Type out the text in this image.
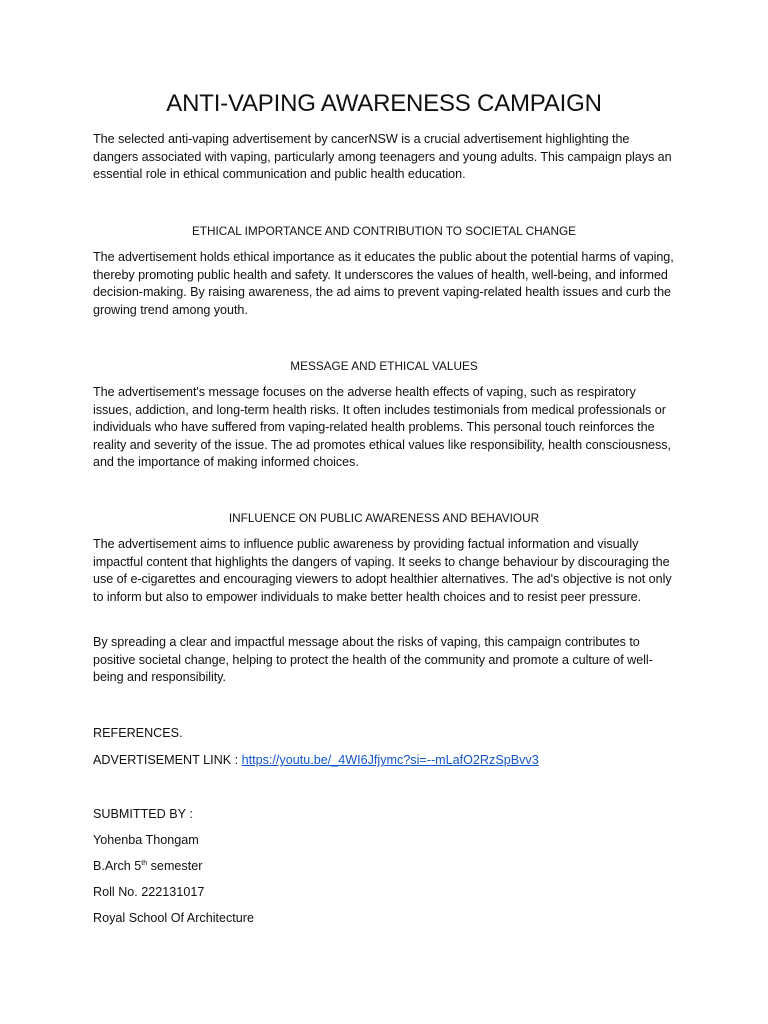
ANTI-VAPING AWARENESS CAMPAIGN

The selected anti-vaping advertisement by cancerNSW is a crucial advertisement highlighting the dangers associated with vaping, particularly among teenagers and young adults. This campaign plays an essential role in ethical communication and public health education.

ETHICAL IMPORTANCE AND CONTRIBUTION TO SOCIETAL CHANGE

The advertisement holds ethical importance as it educates the public about the potential harms of vaping, thereby promoting public health and safety. It underscores the values of health, well-being, and informed decision-making. By raising awareness, the ad aims to prevent vaping-related health issues and curb the growing trend among youth.

MESSAGE AND ETHICAL VALUES

The advertisement's message focuses on the adverse health effects of vaping, such as respiratory issues, addiction, and long-term health risks. It often includes testimonials from medical professionals or individuals who have suffered from vaping-related health problems. This personal touch reinforces the reality and severity of the issue. The ad promotes ethical values like responsibility, health consciousness, and the importance of making informed choices.

INFLUENCE ON PUBLIC AWARENESS AND BEHAVIOUR

The advertisement aims to influence public awareness by providing factual information and visually impactful content that highlights the dangers of vaping. It seeks to change behaviour by discouraging the use of e-cigarettes and encouraging viewers to adopt healthier alternatives. The ad's objective is not only to inform but also to empower individuals to make better health choices and to resist peer pressure.

By spreading a clear and impactful message about the risks of vaping, this campaign contributes to positive societal change, helping to protect the health of the community and promote a culture of well-being and responsibility.

REFERENCES.

ADVERTISEMENT LINK : https://youtu.be/_4WI6Jfjymc?si=--mLafO2RzSpBvv3

SUBMITTED BY :

Yohenba Thongam

B.Arch 5th semester

Roll No. 222131017

Royal School Of Architecture
